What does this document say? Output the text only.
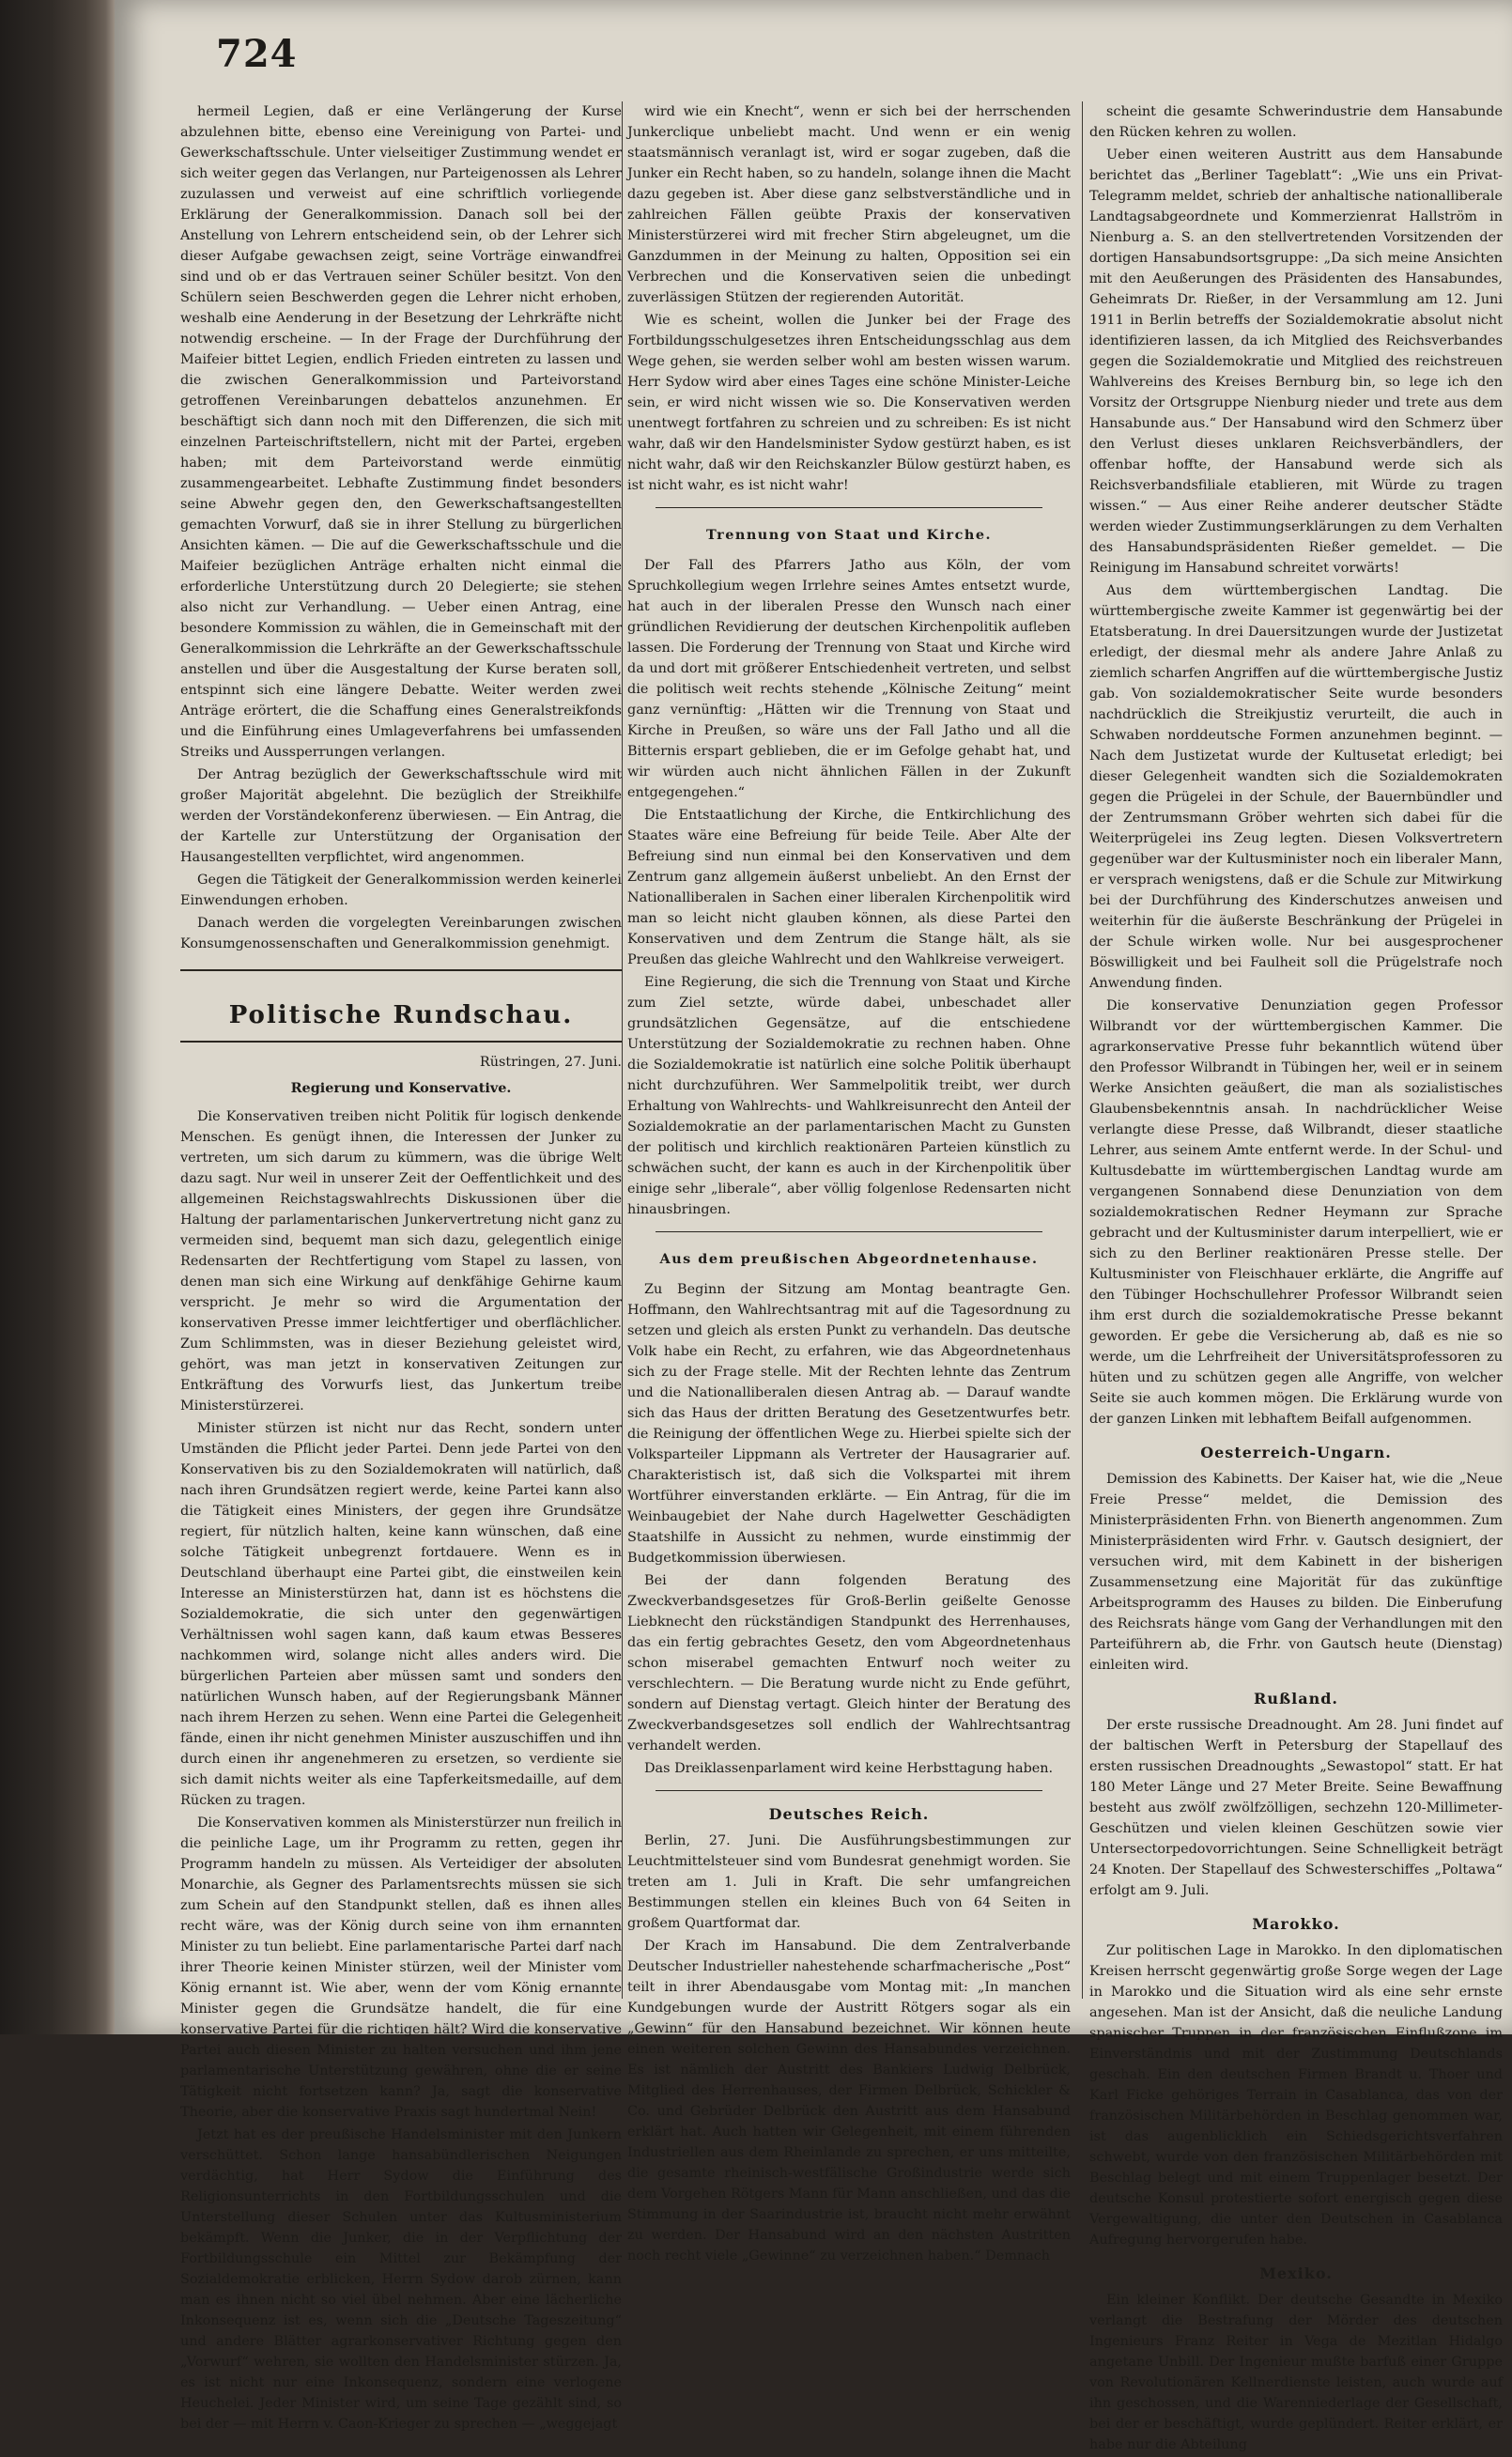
724

hermeil Legien, daß er eine Verlängerung der Kurse abzulehnen bitte, ebenso eine Vereinigung von Partei- und Gewerkschaftsschule. Unter vielseitiger Zustimmung wendet er sich weiter gegen das Verlangen, nur Parteigenossen als Lehrer zuzulassen und verweist auf eine schriftlich vorliegende Erklärung der Generalkommission. Danach soll bei der Anstellung von Lehrern entscheidend sein, ob der Lehrer sich dieser Aufgabe gewachsen zeigt, seine Vorträge einwandfrei sind und ob er das Vertrauen seiner Schüler besitzt. Von den Schülern seien Beschwerden gegen die Lehrer nicht erhoben, weshalb eine Aenderung in der Besetzung der Lehrkräfte nicht notwendig erscheine. — In der Frage der Durchführung der Maifeier bittet Legien, endlich Frieden eintreten zu lassen und die zwischen Generalkommission und Parteivorstand getroffenen Vereinbarungen debattelos anzunehmen. Er beschäftigt sich dann noch mit den Differenzen, die sich mit einzelnen Parteischriftstellern, nicht mit der Partei, ergeben haben; mit dem Parteivorstand werde einmütig zusammengearbeitet. Lebhafte Zustimmung findet besonders seine Abwehr gegen den, den Gewerkschaftsangestellten gemachten Vorwurf, daß sie in ihrer Stellung zu bürgerlichen Ansichten kämen. — Die auf die Gewerkschaftsschule und die Maifeier bezüglichen Anträge erhalten nicht einmal die erforderliche Unterstützung durch 20 Delegierte; sie stehen also nicht zur Verhandlung. — Ueber einen Antrag, eine besondere Kommission zu wählen, die in Gemeinschaft mit der Generalkommission die Lehrkräfte an der Gewerkschaftsschule anstellen und über die Ausgestaltung der Kurse beraten soll, entspinnt sich eine längere Debatte. Weiter werden zwei Anträge erörtert, die die Schaffung eines Generalstreikfonds und die Einführung eines Umlageverfahrens bei umfassenden Streiks und Aussperrungen verlangen.

Der Antrag bezüglich der Gewerkschaftsschule wird mit großer Majorität abgelehnt. Die bezüglich der Streikhilfe werden der Vorständekonferenz überwiesen. — Ein Antrag, die der Kartelle zur Unterstützung der Organisation der Hausangestellten verpflichtet, wird angenommen.

Gegen die Tätigkeit der Generalkommission werden keinerlei Einwendungen erhoben.

Danach werden die vorgelegten Vereinbarungen zwischen Konsumgenossenschaften und Generalkommission genehmigt.

Politische Rundschau.
Rüstringen, 27. Juni.
Regierung und Konservative.

Die Konservativen treiben nicht Politik für logisch denkende Menschen. Es genügt ihnen, die Interessen der Junker zu vertreten, um sich darum zu kümmern, was die übrige Welt dazu sagt. Nur weil in unserer Zeit der Oeffentlichkeit und des allgemeinen Reichstagswahlrechts Diskussionen über die Haltung der parlamentarischen Junkervertretung nicht ganz zu vermeiden sind, bequemt man sich dazu, gelegentlich einige Redensarten der Rechtfertigung vom Stapel zu lassen, von denen man sich eine Wirkung auf denkfähige Gehirne kaum verspricht. Je mehr so wird die Argumentation der konservativen Presse immer leichtfertiger und oberflächlicher. Zum Schlimmsten, was in dieser Beziehung geleistet wird, gehört, was man jetzt in konservativen Zeitungen zur Entkräftung des Vorwurfs liest, das Junkertum treibe Ministerstürzerei.

Minister stürzen ist nicht nur das Recht, sondern unter Umständen die Pflicht jeder Partei. Denn jede Partei von den Konservativen bis zu den Sozialdemokraten will natürlich, daß nach ihren Grundsätzen regiert werde, keine Partei kann also die Tätigkeit eines Ministers, der gegen ihre Grundsätze regiert, für nützlich halten, keine kann wünschen, daß eine solche Tätigkeit unbegrenzt fortdauere. Wenn es in Deutschland überhaupt eine Partei gibt, die einstweilen kein Interesse an Ministerstürzen hat, dann ist es höchstens die Sozialdemokratie, die sich unter den gegenwärtigen Verhältnissen wohl sagen kann, daß kaum etwas Besseres nachkommen wird, solange nicht alles anders wird. Die bürgerlichen Parteien aber müssen samt und sonders den natürlichen Wunsch haben, auf der Regierungsbank Männer nach ihrem Herzen zu sehen. Wenn eine Partei die Gelegenheit fände, einen ihr nicht genehmen Minister auszuschiffen und ihn durch einen ihr angenehmeren zu ersetzen, so verdiente sie sich damit nichts weiter als eine Tapferkeitsmedaille, auf dem Rücken zu tragen.

Die Konservativen kommen als Ministerstürzer nun freilich in die peinliche Lage, um ihr Programm zu retten, gegen ihr Programm handeln zu müssen. Als Verteidiger der absoluten Monarchie, als Gegner des Parlamentsrechts müssen sie sich zum Schein auf den Standpunkt stellen, daß es ihnen alles recht wäre, was der König durch seine von ihm ernannten Minister zu tun beliebt. Eine parlamentarische Partei darf nach ihrer Theorie keinen Minister stürzen, weil der Minister vom König ernannt ist. Wie aber, wenn der vom König ernannte Minister gegen die Grundsätze handelt, die für eine konservative Partei für die richtigen hält? Wird die konservative Partei auch diesen Minister zu halten versuchen und ihm jene parlamentarische Unterstützung gewähren, ohne die er seine Tätigkeit nicht fortsetzen kann? Ja, sagt die konservative Theorie, aber die konservative Praxis sagt hundertmal Nein!

Jetzt hat es der preußische Handelsminister mit den Junkern verschüttet. Schon lange hansabündlerischen Neigungen verdächtig, hat Herr Sydow die Einführung des Religionsunterrichts in den Fortbildungsschulen und die Unterstellung dieser Schulen unter das Kultusministerium bekämpft. Wenn die Junker, die in der Verpflichtung der Fortbildungsschule ein Mittel zur Bekämpfung der Sozialdemokratie erblicken, Herrn Sydow darob zürnen, kann man es ihnen nicht so viel übel nehmen. Aber eine lächerliche Inkonsequenz ist es, wenn sich die „Deutsche Tageszeitung“ und andere Blätter agrarkonservativer Richtung gegen den „Vorwurf“ wehren, sie wollten den Handelsminister stürzen. Ja, es ist nicht nur eine Inkonsequenz, sondern eine verlogene Heuchelei. Jeder Minister wird, um seine Tage gezählt sind, so bei der — mit Herrn v. Caon-Krieger zu sprechen — „weggejagt

wird wie ein Knecht“, wenn er sich bei der herrschenden Junkerclique unbeliebt macht. Und wenn er ein wenig staatsmännisch veranlagt ist, wird er sogar zugeben, daß die Junker ein Recht haben, so zu handeln, solange ihnen die Macht dazu gegeben ist. Aber diese ganz selbstverständliche und in zahlreichen Fällen geübte Praxis der konservativen Ministerstürzerei wird mit frecher Stirn abgeleugnet, um die Ganzdummen in der Meinung zu halten, Opposition sei ein Verbrechen und die Konservativen seien die unbedingt zuverlässigen Stützen der regierenden Autorität.

Wie es scheint, wollen die Junker bei der Frage des Fortbildungsschulgesetzes ihren Entscheidungsschlag aus dem Wege gehen, sie werden selber wohl am besten wissen warum. Herr Sydow wird aber eines Tages eine schöne Minister-Leiche sein, er wird nicht wissen wie so. Die Konservativen werden unentwegt fortfahren zu schreien und zu schreiben: Es ist nicht wahr, daß wir den Handelsminister Sydow gestürzt haben, es ist nicht wahr, daß wir den Reichskanzler Bülow gestürzt haben, es ist nicht wahr, es ist nicht wahr!

Trennung von Staat und Kirche.

Der Fall des Pfarrers Jatho aus Köln, der vom Spruchkollegium wegen Irrlehre seines Amtes entsetzt wurde, hat auch in der liberalen Presse den Wunsch nach einer gründlichen Revidierung der deutschen Kirchenpolitik aufleben lassen. Die Forderung der Trennung von Staat und Kirche wird da und dort mit größerer Entschiedenheit vertreten, und selbst die politisch weit rechts stehende „Kölnische Zeitung“ meint ganz vernünftig: „Hätten wir die Trennung von Staat und Kirche in Preußen, so wäre uns der Fall Jatho und all die Bitternis erspart geblieben, die er im Gefolge gehabt hat, und wir würden auch nicht ähnlichen Fällen in der Zukunft entgegengehen.“

Die Entstaatlichung der Kirche, die Entkirchlichung des Staates wäre eine Befreiung für beide Teile. Aber Alte der Befreiung sind nun einmal bei den Konservativen und dem Zentrum ganz allgemein äußerst unbeliebt. An den Ernst der Nationalliberalen in Sachen einer liberalen Kirchenpolitik wird man so leicht nicht glauben können, als diese Partei den Konservativen und dem Zentrum die Stange hält, als sie Preußen das gleiche Wahlrecht und den Wahlkreise verweigert.

Eine Regierung, die sich die Trennung von Staat und Kirche zum Ziel setzte, würde dabei, unbeschadet aller grundsätzlichen Gegensätze, auf die entschiedene Unterstützung der Sozialdemokratie zu rechnen haben. Ohne die Sozialdemokratie ist natürlich eine solche Politik überhaupt nicht durchzuführen. Wer Sammelpolitik treibt, wer durch Erhaltung von Wahlrechts- und Wahlkreisunrecht den Anteil der Sozialdemokratie an der parlamentarischen Macht zu Gunsten der politisch und kirchlich reaktionären Parteien künstlich zu schwächen sucht, der kann es auch in der Kirchenpolitik über einige sehr „liberale“, aber völlig folgenlose Redensarten nicht hinausbringen.

Aus dem preußischen Abgeordnetenhause.

Zu Beginn der Sitzung am Montag beantragte Gen. Hoffmann, den Wahlrechtsantrag mit auf die Tagesordnung zu setzen und gleich als ersten Punkt zu verhandeln. Das deutsche Volk habe ein Recht, zu erfahren, wie das Abgeordnetenhaus sich zu der Frage stelle. Mit der Rechten lehnte das Zentrum und die Nationalliberalen diesen Antrag ab. — Darauf wandte sich das Haus der dritten Beratung des Gesetzentwurfes betr. die Reinigung der öffentlichen Wege zu. Hierbei spielte sich der Volksparteiler Lippmann als Vertreter der Hausagrarier auf. Charakteristisch ist, daß sich die Volkspartei mit ihrem Wortführer einverstanden erklärte. — Ein Antrag, für die im Weinbaugebiet der Nahe durch Hagelwetter Geschädigten Staatshilfe in Aussicht zu nehmen, wurde einstimmig der Budgetkommission überwiesen.

Bei der dann folgenden Beratung des Zweckverbandsgesetzes für Groß-Berlin geißelte Genosse Liebknecht den rückständigen Standpunkt des Herrenhauses, das ein fertig gebrachtes Gesetz, den vom Abgeordnetenhaus schon miserabel gemachten Entwurf noch weiter zu verschlechtern. — Die Beratung wurde nicht zu Ende geführt, sondern auf Dienstag vertagt. Gleich hinter der Beratung des Zweckverbandsgesetzes soll endlich der Wahlrechtsantrag verhandelt werden.

Das Dreiklassenparlament wird keine Herbsttagung haben.

Deutsches Reich.

Berlin, 27. Juni. Die Ausführungsbestimmungen zur Leuchtmittelsteuer sind vom Bundesrat genehmigt worden. Sie treten am 1. Juli in Kraft. Die sehr umfangreichen Bestimmungen stellen ein kleines Buch von 64 Seiten in großem Quartformat dar.

Der Krach im Hansabund. Die dem Zentralverbande Deutscher Industrieller nahestehende scharfmacherische „Post“ teilt in ihrer Abendausgabe vom Montag mit: „In manchen Kundgebungen wurde der Austritt Rötgers sogar als ein „Gewinn“ für den Hansabund bezeichnet. Wir können heute einen weiteren solchen Gewinn des Hansabundes verzeichnen. Es ist nämlich der Austritt des Bankiers Ludwig Delbrück, Mitglied des Herrenhauses, der Firmen Delbrück, Schickler & Co. und Gebrüder Delbrück den Austritt aus dem Hansabund erklärt hat. Auch hatten wir Gelegenheit, mit einem führenden Industriellen aus dem Rheinlande zu sprechen, er uns mitteilte, die gesamte rheinisch-westfälische Großindustrie werde sich dem Vorgehen Rötgers Mann für Mann anschließen, und das die Stimmung in der Saarindustrie ist, braucht nicht mehr erwähnt zu werden. Der Hansabund wird an den nächsten Austritten noch recht viele „Gewinne“ zu verzeichnen haben.“ Demnach

scheint die gesamte Schwerindustrie dem Hansabunde den Rücken kehren zu wollen.

Ueber einen weiteren Austritt aus dem Hansabunde berichtet das „Berliner Tageblatt“: „Wie uns ein Privat-Telegramm meldet, schrieb der anhaltische nationalliberale Landtagsabgeordnete und Kommerzienrat Hallström in Nienburg a. S. an den stellvertretenden Vorsitzenden der dortigen Hansabundsortsgruppe: „Da sich meine Ansichten mit den Aeußerungen des Präsidenten des Hansabundes, Geheimrats Dr. Rießer, in der Versammlung am 12. Juni 1911 in Berlin betreffs der Sozialdemokratie absolut nicht identifizieren lassen, da ich Mitglied des Reichsverbandes gegen die Sozialdemokratie und Mitglied des reichstreuen Wahlvereins des Kreises Bernburg bin, so lege ich den Vorsitz der Ortsgruppe Nienburg nieder und trete aus dem Hansabunde aus.“ Der Hansabund wird den Schmerz über den Verlust dieses unklaren Reichsverbändlers, der offenbar hoffte, der Hansabund werde sich als Reichsverbandsfiliale etablieren, mit Würde zu tragen wissen.“ — Aus einer Reihe anderer deutscher Städte werden wieder Zustimmungserklärungen zu dem Verhalten des Hansabundspräsidenten Rießer gemeldet. — Die Reinigung im Hansabund schreitet vorwärts!

Aus dem württembergischen Landtag. Die württembergische zweite Kammer ist gegenwärtig bei der Etatsberatung. In drei Dauersitzungen wurde der Justizetat erledigt, der diesmal mehr als andere Jahre Anlaß zu ziemlich scharfen Angriffen auf die württembergische Justiz gab. Von sozialdemokratischer Seite wurde besonders nachdrücklich die Streikjustiz verurteilt, die auch in Schwaben norddeutsche Formen anzunehmen beginnt. — Nach dem Justizetat wurde der Kultusetat erledigt; bei dieser Gelegenheit wandten sich die Sozialdemokraten gegen die Prügelei in der Schule, der Bauernbündler und der Zentrumsmann Gröber wehrten sich dabei für die Weiterprügelei ins Zeug legten. Diesen Volksvertretern gegenüber war der Kultusminister noch ein liberaler Mann, er versprach wenigstens, daß er die Schule zur Mitwirkung bei der Durchführung des Kinderschutzes anweisen und weiterhin für die äußerste Beschränkung der Prügelei in der Schule wirken wolle. Nur bei ausgesprochener Böswilligkeit und bei Faulheit soll die Prügelstrafe noch Anwendung finden.

Die konservative Denunziation gegen Professor Wilbrandt vor der württembergischen Kammer. Die agrarkonservative Presse fuhr bekanntlich wütend über den Professor Wilbrandt in Tübingen her, weil er in seinem Werke Ansichten geäußert, die man als sozialistisches Glaubensbekenntnis ansah. In nachdrücklicher Weise verlangte diese Presse, daß Wilbrandt, dieser staatliche Lehrer, aus seinem Amte entfernt werde. In der Schul- und Kultusdebatte im württembergischen Landtag wurde am vergangenen Sonnabend diese Denunziation von dem sozialdemokratischen Redner Heymann zur Sprache gebracht und der Kultusminister darum interpelliert, wie er sich zu den Berliner reaktionären Presse stelle. Der Kultusminister von Fleischhauer erklärte, die Angriffe auf den Tübinger Hochschullehrer Professor Wilbrandt seien ihm erst durch die sozialdemokratische Presse bekannt geworden. Er gebe die Versicherung ab, daß es nie so werde, um die Lehrfreiheit der Universitätsprofessoren zu hüten und zu schützen gegen alle Angriffe, von welcher Seite sie auch kommen mögen. Die Erklärung wurde von der ganzen Linken mit lebhaftem Beifall aufgenommen.

Oesterreich-Ungarn.

Demission des Kabinetts. Der Kaiser hat, wie die „Neue Freie Presse“ meldet, die Demission des Ministerpräsidenten Frhn. von Bienerth angenommen. Zum Ministerpräsidenten wird Frhr. v. Gautsch designiert, der versuchen wird, mit dem Kabinett in der bisherigen Zusammensetzung eine Majorität für das zukünftige Arbeitsprogramm des Hauses zu bilden. Die Einberufung des Reichsrats hänge vom Gang der Verhandlungen mit den Parteiführern ab, die Frhr. von Gautsch heute (Dienstag) einleiten wird.

Rußland.

Der erste russische Dreadnought. Am 28. Juni findet auf der baltischen Werft in Petersburg der Stapellauf des ersten russischen Dreadnoughts „Sewastopol“ statt. Er hat 180 Meter Länge und 27 Meter Breite. Seine Bewaffnung besteht aus zwölf zwölfzölligen, sechzehn 120-Millimeter-Geschützen und vielen kleinen Geschützen sowie vier Untersectorpedovorrichtungen. Seine Schnelligkeit beträgt 24 Knoten. Der Stapellauf des Schwesterschiffes „Poltawa“ erfolgt am 9. Juli.

Marokko.

Zur politischen Lage in Marokko. In den diplomatischen Kreisen herrscht gegenwärtig große Sorge wegen der Lage in Marokko und die Situation wird als eine sehr ernste angesehen. Man ist der Ansicht, daß die neuliche Landung spanischer Truppen in der französischen Einflußzone im Einverständnis und mit der Zustimmung Deutschlands geschah. Ein den deutschen Firmen Brandt u. Thoer und Karl Ficke gehöriges Terrain in Casablanca, das von der französischen Militärbehörden in Beschlag genommen war, ist das augenblicklich ein Schiedsgerichtsverfahren schwebt, wurde von den französischen Militärbehörden mit Beschlag belegt und mit einem Truppenlager besetzt. Der deutsche Konsul protestierte sofort energisch gegen diese Vergewaltigung, die unter den Deutschen in Casablanca Aufregung hervorgerufen habe.

Mexiko.

Ein kleiner Konflikt. Der deutsche Gesandte in Mexiko verlangt die Bestrafung der Mörder des deutschen Ingenieurs Franz Reiter in Vega de Mezitlan Hidalgo angetane Unbill. Der Ingenieur mußte barfuß einer Gruppe von Revolutionären Kellnerdienste leisten, auch wurde auf ihn geschossen, und die Warenniederlage der Gesellschaft, bei der er beschäftigt, wurde geplündert. Reiter erklärt, er habe nur die Abteilung
